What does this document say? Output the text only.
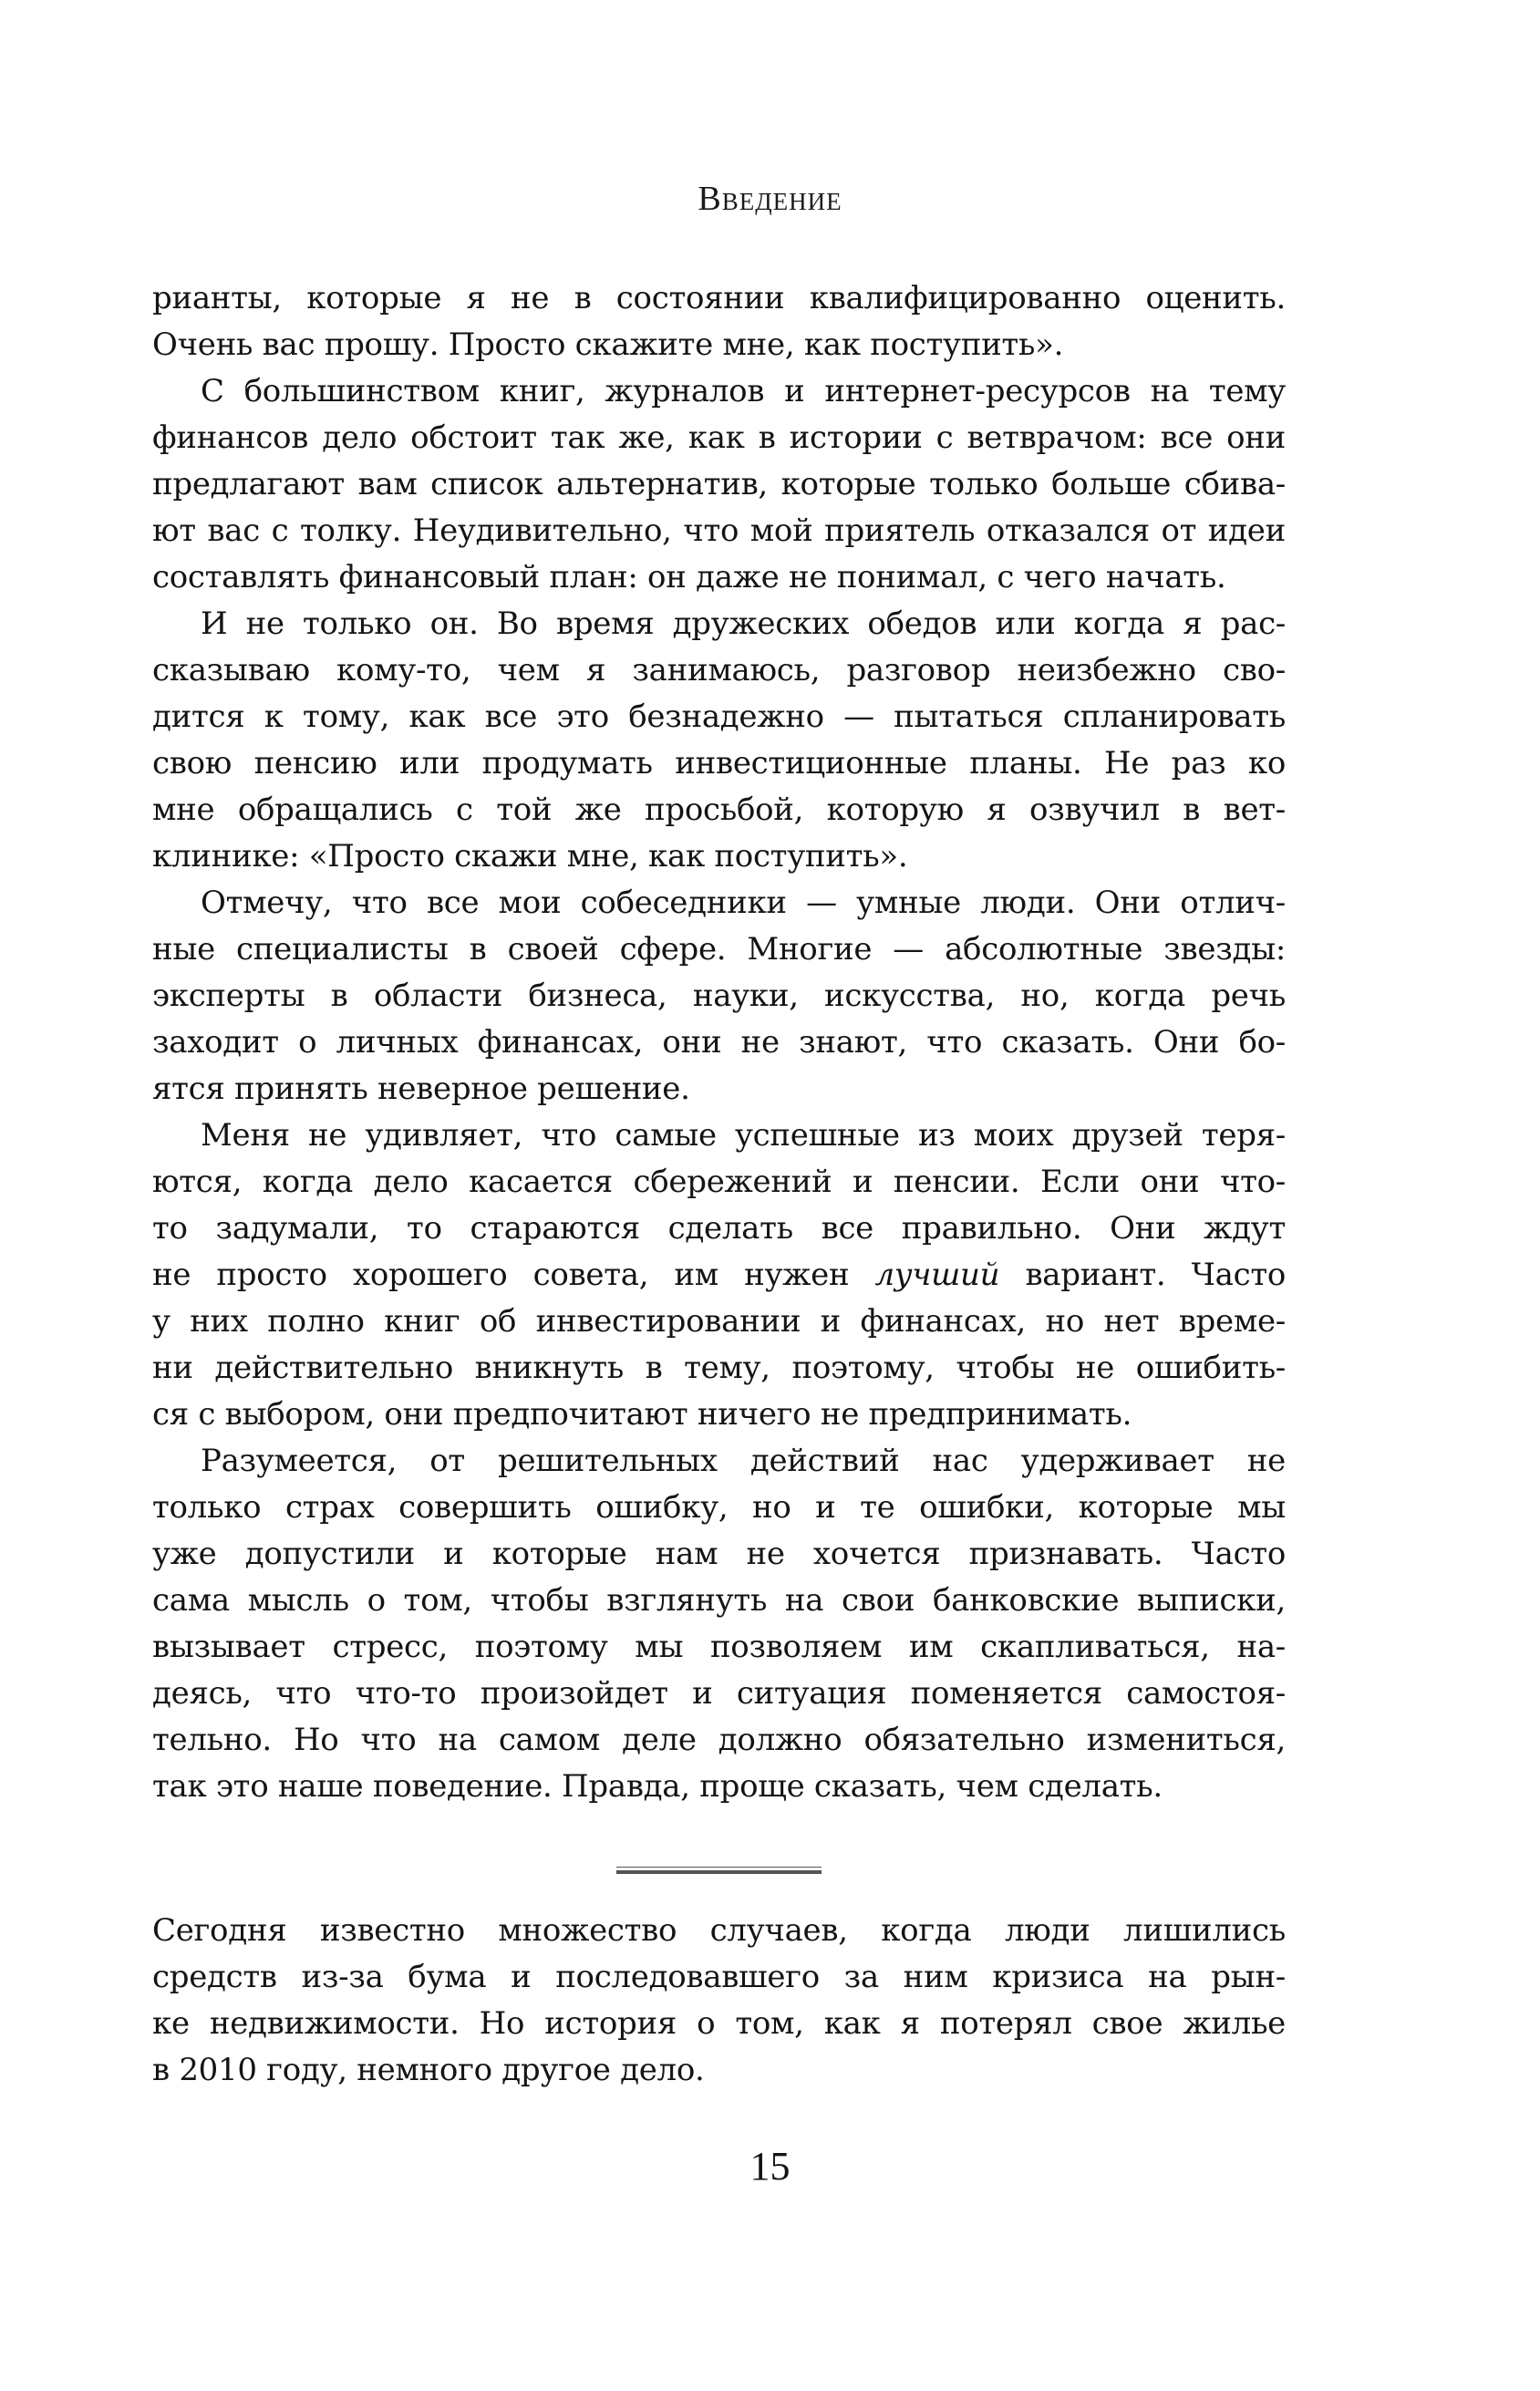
Введение
рианты, которые я не в состоянии квалифицированно оценить.
Очень вас прошу. Просто скажите мне, как поступить».
С большинством книг, журналов и интернет-ресурсов на тему
финансов дело обстоит так же, как в истории с ветврачом: все они
предлагают вам список альтернатив, которые только больше сбива-
ют вас с толку. Неудивительно, что мой приятель отказался от идеи
составлять финансовый план: он даже не понимал, с чего начать.
И не только он. Во время дружеских обедов или когда я рас-
сказываю кому-то, чем я занимаюсь, разговор неизбежно сво-
дится к тому, как все это безнадежно — пытаться спланировать
свою пенсию или продумать инвестиционные планы. Не раз ко
мне обращались с той же просьбой, которую я озвучил в вет-
клинике: «Просто скажи мне, как поступить».
Отмечу, что все мои собеседники — умные люди. Они отлич-
ные специалисты в своей сфере. Многие — абсолютные звезды:
эксперты в области бизнеса, науки, искусства, но, когда речь
заходит о личных финансах, они не знают, что сказать. Они бо-
ятся принять неверное решение.
Меня не удивляет, что самые успешные из моих друзей теря-
ются, когда дело касается сбережений и пенсии. Если они что-
то задумали, то стараются сделать все правильно. Они ждут
не просто хорошего совета, им нужен лучший вариант. Часто
у них полно книг об инвестировании и финансах, но нет време-
ни действительно вникнуть в тему, поэтому, чтобы не ошибить-
ся с выбором, они предпочитают ничего не предпринимать.
Разумеется, от решительных действий нас удерживает не
только страх совершить ошибку, но и те ошибки, которые мы
уже допустили и которые нам не хочется признавать. Часто
сама мысль о том, чтобы взглянуть на свои банковские выписки,
вызывает стресс, поэтому мы позволяем им скапливаться, на-
деясь, что что-то произойдет и ситуация поменяется самостоя-
тельно. Но что на самом деле должно обязательно измениться,
так это наше поведение. Правда, проще сказать, чем сделать.
Сегодня известно множество случаев, когда люди лишились
средств из-за бума и последовавшего за ним кризиса на рын-
ке недвижимости. Но история о том, как я потерял свое жилье
в 2010 году, немного другое дело.
15
